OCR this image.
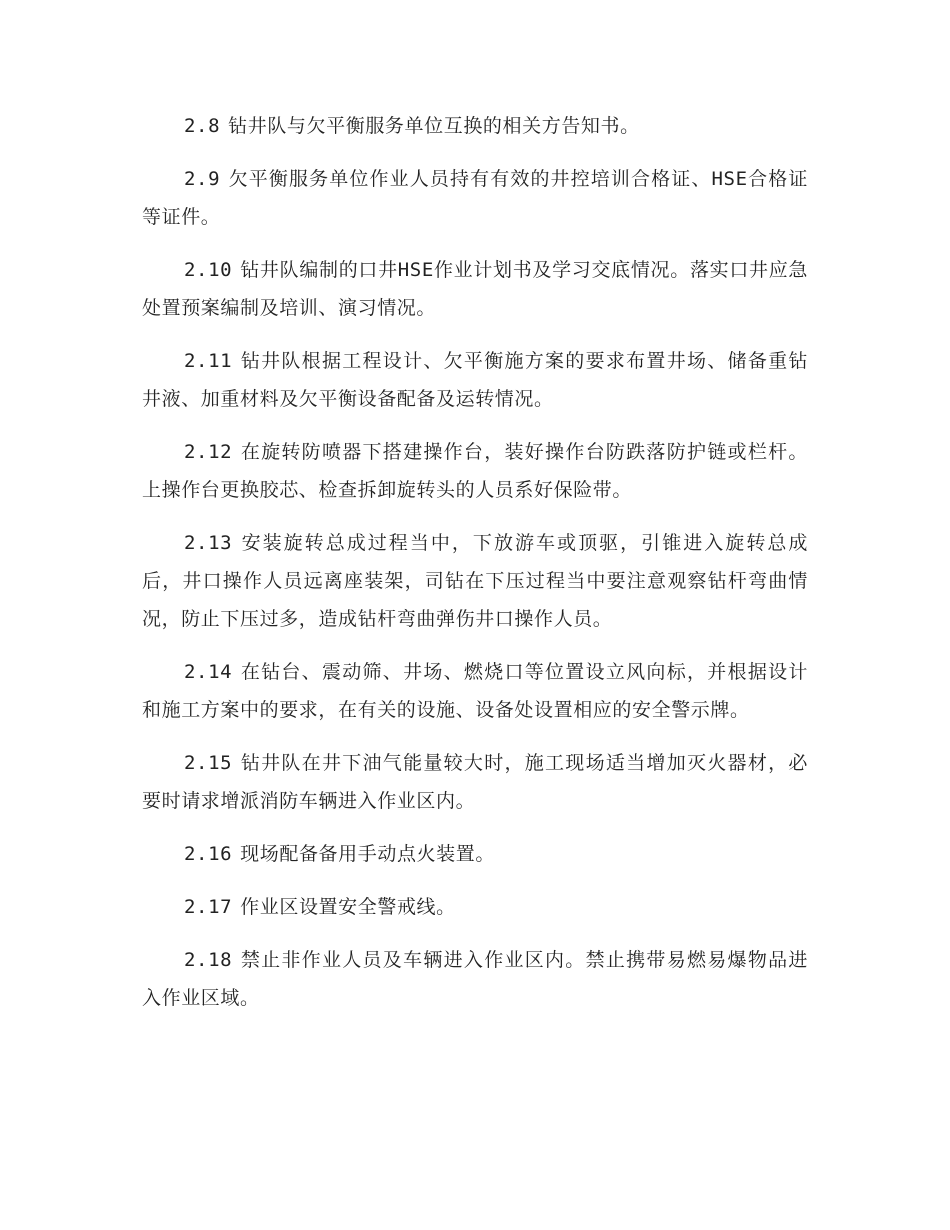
2.8 钻井队与欠平衡服务单位互换的相关方告知书。

2.9 欠平衡服务单位作业人员持有有效的井控培训合格证、HSE合格证等证件。

2.10 钻井队编制的口井HSE作业计划书及学习交底情况。落实口井应急处置预案编制及培训、演习情况。

2.11 钻井队根据工程设计、欠平衡施方案的要求布置井场、储备重钻井液、加重材料及欠平衡设备配备及运转情况。

2.12 在旋转防喷器下搭建操作台，装好操作台防跌落防护链或栏杆。上操作台更换胶芯、检查拆卸旋转头的人员系好保险带。

2.13 安装旋转总成过程当中，下放游车或顶驱，引锥进入旋转总成后，井口操作人员远离座装架，司钻在下压过程当中要注意观察钻杆弯曲情况，防止下压过多，造成钻杆弯曲弹伤井口操作人员。

2.14 在钻台、震动筛、井场、燃烧口等位置设立风向标，并根据设计和施工方案中的要求，在有关的设施、设备处设置相应的安全警示牌。

2.15 钻井队在井下油气能量较大时，施工现场适当增加灭火器材，必要时请求增派消防车辆进入作业区内。

2.16 现场配备备用手动点火装置。

2.17 作业区设置安全警戒线。

2.18 禁止非作业人员及车辆进入作业区内。禁止携带易燃易爆物品进入作业区域。
